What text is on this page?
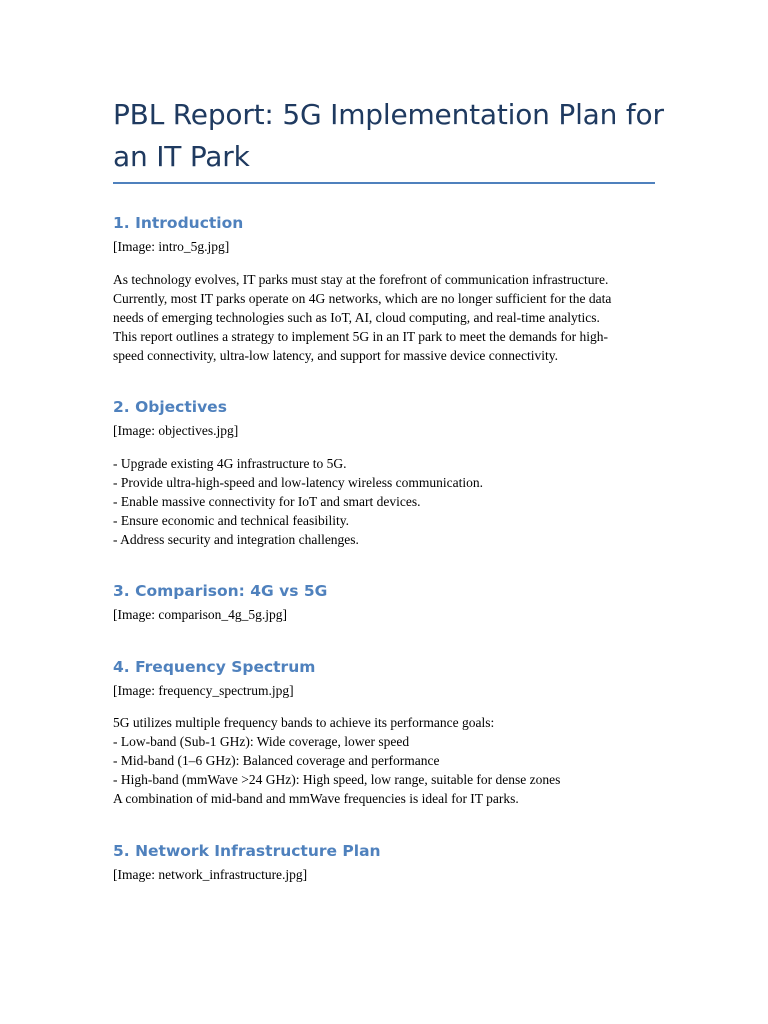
PBL Report: 5G Implementation Plan for
an IT Park
1. Introduction

[Image: intro_5g.jpg]

As technology evolves, IT parks must stay at the forefront of communication infrastructure.
Currently, most IT parks operate on 4G networks, which are no longer sufficient for the data
needs of emerging technologies such as IoT, AI, cloud computing, and real-time analytics.
This report outlines a strategy to implement 5G in an IT park to meet the demands for high-
speed connectivity, ultra-low latency, and support for massive device connectivity.
2. Objectives

[Image: objectives.jpg]

- Upgrade existing 4G infrastructure to 5G.
- Provide ultra-high-speed and low-latency wireless communication.
- Enable massive connectivity for IoT and smart devices.
- Ensure economic and technical feasibility.
- Address security and integration challenges.
3. Comparison: 4G vs 5G

[Image: comparison_4g_5g.jpg]

4. Frequency Spectrum

[Image: frequency_spectrum.jpg]

5G utilizes multiple frequency bands to achieve its performance goals:
- Low-band (Sub-1 GHz): Wide coverage, lower speed
- Mid-band (1–6 GHz): Balanced coverage and performance
- High-band (mmWave >24 GHz): High speed, low range, suitable for dense zones
A combination of mid-band and mmWave frequencies is ideal for IT parks.
5. Network Infrastructure Plan

[Image: network_infrastructure.jpg]
